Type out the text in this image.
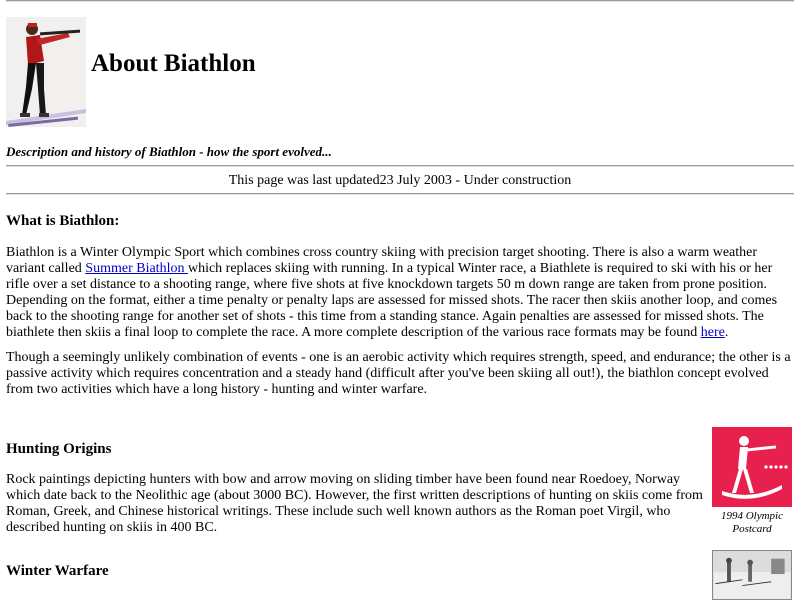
About Biathlon

Description and history of Biathlon - how the sport evolved...

This page was last updated23 July 2003 - Under construction

What is Biathlon:

Biathlon is a Winter Olympic Sport which combines cross country skiing with precision target shooting. There is also a warm weather variant called Summer Biathlon which replaces skiing with running. In a typical Winter race, a Biathlete is required to ski with his or her rifle over a set distance to a shooting range, where five shots at five knockdown targets 50 m down range are taken from prone position. Depending on the format, either a time penalty or penalty laps are assessed for missed shots. The racer then skiis another loop, and comes back to the shooting range for another set of shots - this time from a standing stance. Again penalties are assessed for missed shots. The biathlete then skiis a final loop to complete the race. A more complete description of the various race formats may be found here.

Though a seemingly unlikely combination of events - one is an aerobic activity which requires strength, speed, and endurance; the other is a passive activity which requires concentration and a steady hand (difficult after you've been skiing all out!), the biathlon concept evolved from two activities which have a long history - hunting and winter warfare.

Hunting Origins

Rock paintings depicting hunters with bow and arrow moving on sliding timber have been found near Roedoey, Norway which date back to the Neolithic age (about 3000 BC). However, the first written descriptions of hunting on skiis come from Roman, Greek, and Chinese historical writings. These include such well known authors as the Roman poet Virgil, who described hunting on skiis in 400 BC.

1994 Olympic Postcard

Winter Warfare
